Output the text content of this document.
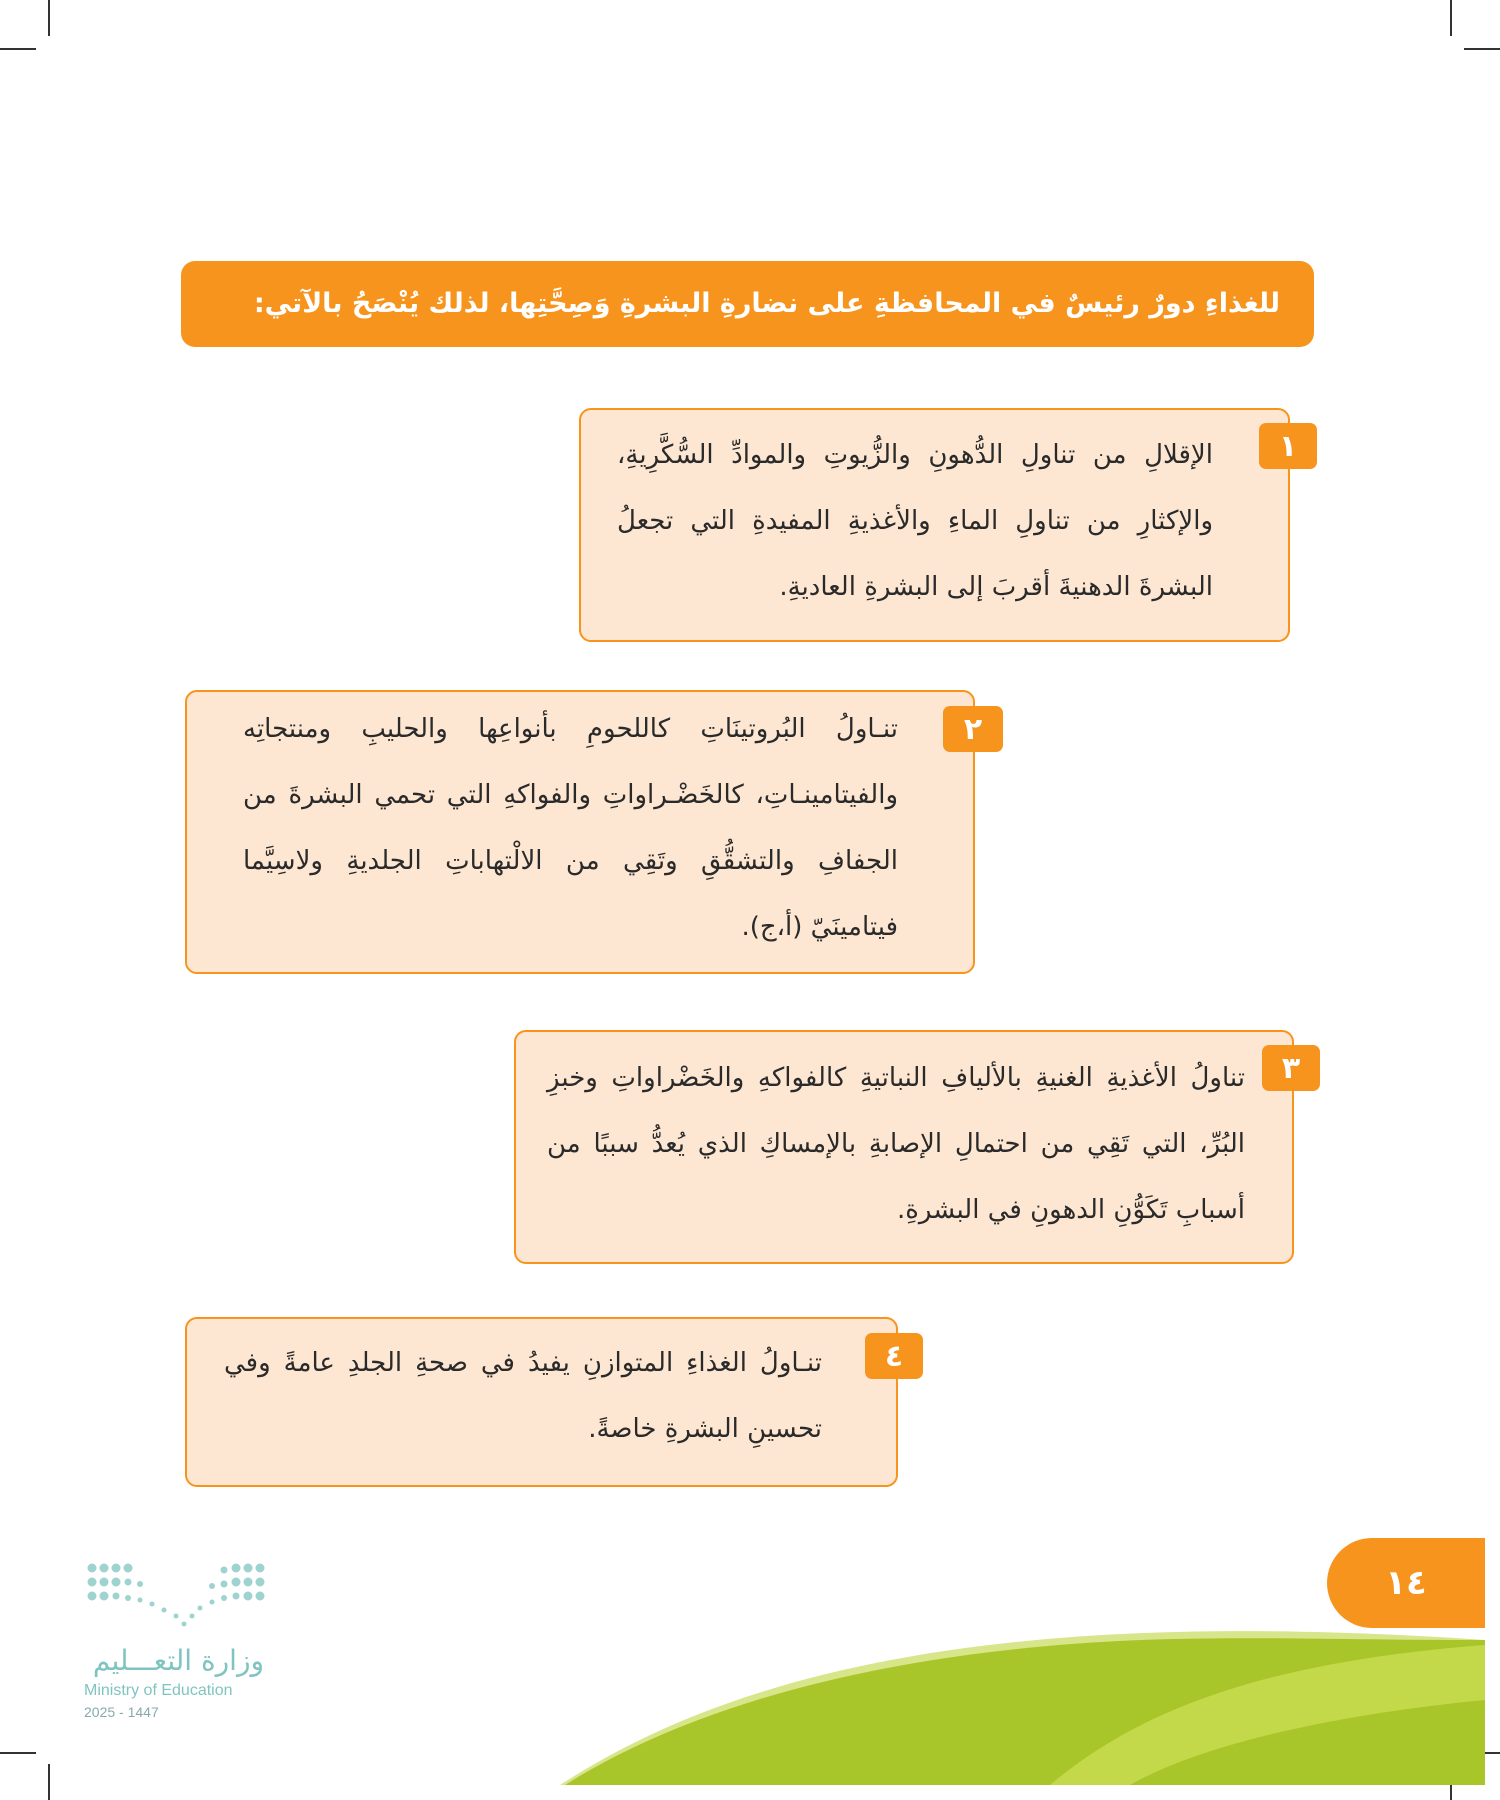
للغذاءِ دورٌ رئيسٌ في المحافظةِ على نضارةِ البشرةِ وَصِحَّتِها، لذلك يُنْصَحُ بالآتي:
١
الإقلالِ من تناولِ الدُّهونِ والزُّيوتِ والموادِّ السُّكَّرِيةِ، والإكثارِ من تناولِ الماءِ والأغذيةِ المفيدةِ التي تجعلُ البشرةَ الدهنيةَ أقربَ إلى البشرةِ العاديةِ.
٢
تنـاولُ البُروتينَاتِ كاللحومِ بأنواعِها والحليبِ ومنتجاتِه والفيتامينـاتِ، كالخَضْـراواتِ والفواكهِ التي تحمي البشرةَ من الجفافِ والتشقُّقِ وتَقِي من الالْتهاباتِ الجلديةِ ولاسِيَّما فيتامينَيّ (أ،ج).
٣
تناولُ الأغذيةِ الغنيةِ بالأليافِ النباتيةِ كالفواكهِ والخَضْراواتِ وخبزِ البُرِّ، التي تَقِي من احتمالِ الإصابةِ بالإمساكِ الذي يُعدُّ سببًا من أسبابِ تَكَوُّنِ الدهونِ في البشرةِ.
٤
تنـاولُ الغذاءِ المتوازنِ يفيدُ في صحةِ الجلدِ عامةً وفي تحسينِ البشرةِ خاصةً.
١٤
وزارة التعـــليم
Ministry of Education
2025 - 1447
